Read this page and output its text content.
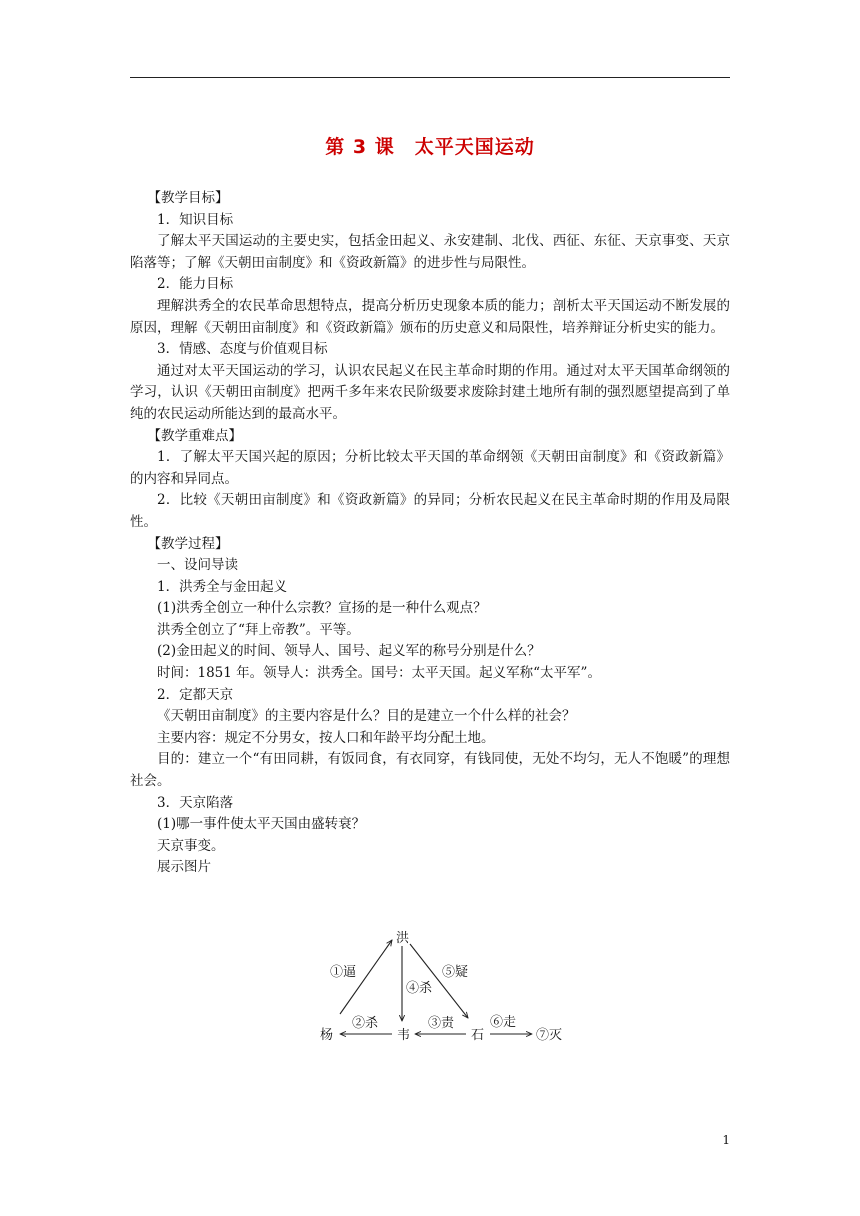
第 3 课　太平天国运动

【教学目标】

1．知识目标

了解太平天国运动的主要史实，包括金田起义、永安建制、北伐、西征、东征、天京事变、天京陷落等；了解《天朝田亩制度》和《资政新篇》的进步性与局限性。

2．能力目标

理解洪秀全的农民革命思想特点，提高分析历史现象本质的能力；剖析太平天国运动不断发展的原因，理解《天朝田亩制度》和《资政新篇》颁布的历史意义和局限性，培养辩证分析史实的能力。

3．情感、态度与价值观目标

通过对太平天国运动的学习，认识农民起义在民主革命时期的作用。通过对太平天国革命纲领的学习，认识《天朝田亩制度》把两千多年来农民阶级要求废除封建土地所有制的强烈愿望提高到了单纯的农民运动所能达到的最高水平。

【教学重难点】

1．了解太平天国兴起的原因；分析比较太平天国的革命纲领《天朝田亩制度》和《资政新篇》的内容和异同点。

2．比较《天朝田亩制度》和《资政新篇》的异同；分析农民起义在民主革命时期的作用及局限性。

【教学过程】

一、设问导读

1．洪秀全与金田起义

(1)洪秀全创立一种什么宗教？宣扬的是一种什么观点？

洪秀全创立了“拜上帝教”。平等。

(2)金田起义的时间、领导人、国号、起义军的称号分别是什么？

时间：1851 年。领导人：洪秀全。国号：太平天国。起义军称“太平军”。

2．定都天京

《天朝田亩制度》的主要内容是什么？目的是建立一个什么样的社会？

主要内容：规定不分男女，按人口和年龄平均分配土地。

目的：建立一个“有田同耕，有饭同食，有衣同穿，有钱同使，无处不均匀，无人不饱暖”的理想社会。

3．天京陷落

(1)哪一事件使太平天国由盛转衰？

天京事变。

展示图片

洪
杨	韦	石	⑦灭
①逼
②杀	③责
④杀
⑤疑
⑥走
1
